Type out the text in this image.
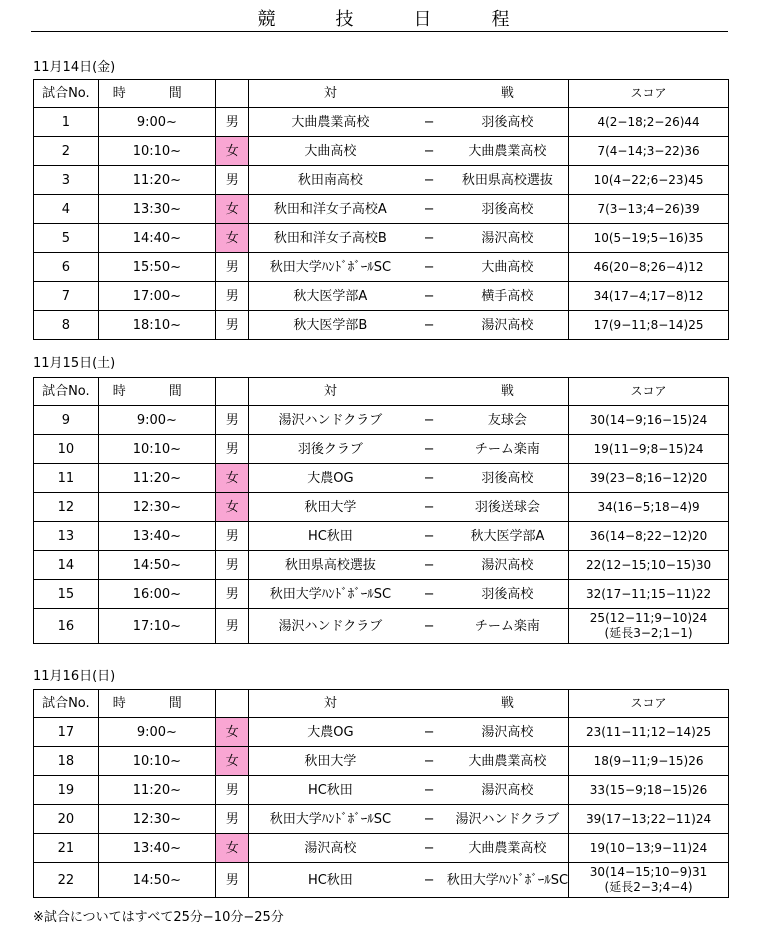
競	技	日	程
11月14日(金)
試合No.	時 間		対		戦	スコア
1	9:00~	男	大曲農業高校	−	羽後高校	4(2−18;2−26)44

2	10:10~	女	大曲高校	−	大曲農業高校	7(4−14;3−22)36

3	11:20~	男	秋田南高校	−	秋田県高校選抜	10(4−22;6−23)45

4	13:30~	女	秋田和洋女子高校A	−	羽後高校	7(3−13;4−26)39

5	14:40~	女	秋田和洋女子高校B	−	湯沢高校	10(5−19;5−16)35

6	15:50~	男	秋田大学ﾊﾝﾄﾞﾎﾞｰﾙSC	−	大曲高校	46(20−8;26−4)12

7	17:00~	男	秋大医学部A	−	横手高校	34(17−4;17−8)12

8	18:10~	男	秋大医学部B	−	湯沢高校	17(9−11;8−14)25
11月15日(土)
試合No.	時 間		対		戦	スコア
9	9:00~	男	湯沢ハンドクラブ	−	友球会	30(14−9;16−15)24

10	10:10~	男	羽後クラブ	−	チーム楽南	19(11−9;8−15)24

11	11:20~	女	大農OG	−	羽後高校	39(23−8;16−12)20

12	12:30~	女	秋田大学	−	羽後送球会	34(16−5;18−4)9

13	13:40~	男	HC秋田	−	秋大医学部A	36(14−8;22−12)20

14	14:50~	男	秋田県高校選抜	−	湯沢高校	22(12−15;10−15)30

15	16:00~	男	秋田大学ﾊﾝﾄﾞﾎﾞｰﾙSC	−	羽後高校	32(17−11;15−11)22

16	17:10~	男	湯沢ハンドクラブ	−	チーム楽南	25(12−11;9−10)24
(延長3−2;1−1)
11月16日(日)
試合No.	時 間		対		戦	スコア
17	9:00~	女	大農OG	−	湯沢高校	23(11−11;12−14)25

18	10:10~	女	秋田大学	−	大曲農業高校	18(9−11;9−15)26

19	11:20~	男	HC秋田	−	湯沢高校	33(15−9;18−15)26

20	12:30~	男	秋田大学ﾊﾝﾄﾞﾎﾞｰﾙSC	−	湯沢ハンドクラブ	39(17−13;22−11)24

21	13:40~	女	湯沢高校	−	大曲農業高校	19(10−13;9−11)24

22	14:50~	男	HC秋田	−	秋田大学ﾊﾝﾄﾞﾎﾞｰﾙSC	30(14−15;10−9)31
(延長2−3;4−4)
※試合についてはすべて25分−10分−25分
